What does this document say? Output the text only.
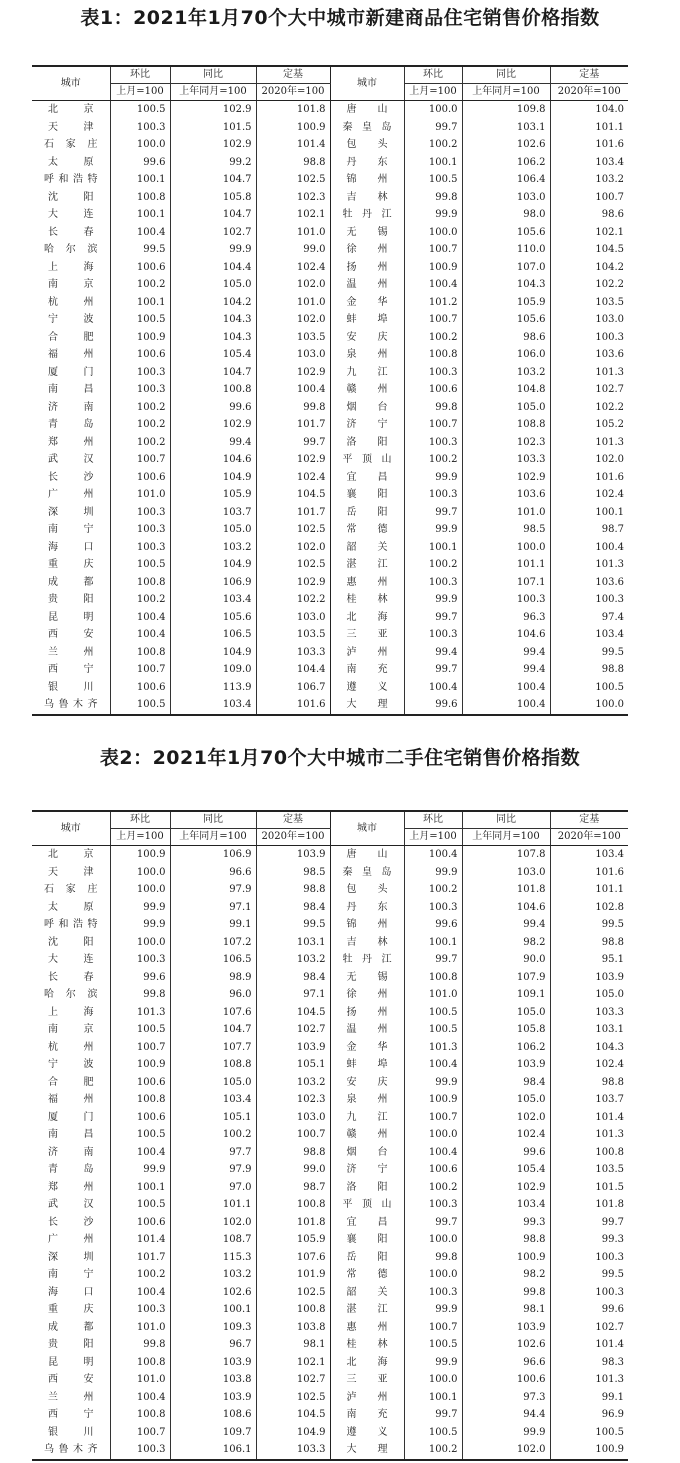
表1：2021年1月70个大中城市新建商品住宅销售价格指数
城市	环比	同比	定基	城市	环比	同比	定基
	上月=100	上年同月=100	2020年=100		上月=100	上年同月=100	2020年=100
北　京	100.5	102.9	101.8	唐　山	100.0	109.8	104.0
天　津	100.3	101.5	100.9	秦皇岛	99.7	103.1	101.1
石家庄	100.0	102.9	101.4	包　头	100.2	102.6	101.6
太　原	99.6	99.2	98.8	丹　东	100.1	106.2	103.4
呼和浩特	100.1	104.7	102.5	锦　州	100.5	106.4	103.2
沈　阳	100.8	105.8	102.3	吉　林	99.8	103.0	100.7
大　连	100.1	104.7	102.1	牡丹江	99.9	98.0	98.6
长　春	100.4	102.7	101.0	无　锡	100.0	105.6	102.1
哈尔滨	99.5	99.9	99.0	徐　州	100.7	110.0	104.5
上　海	100.6	104.4	102.4	扬　州	100.9	107.0	104.2
南　京	100.2	105.0	102.0	温　州	100.4	104.3	102.2
杭　州	100.1	104.2	101.0	金　华	101.2	105.9	103.5
宁　波	100.5	104.3	102.0	蚌　埠	100.7	105.6	103.0
合　肥	100.9	104.3	103.5	安　庆	100.2	98.6	100.3
福　州	100.6	105.4	103.0	泉　州	100.8	106.0	103.6
厦　门	100.3	104.7	102.9	九　江	100.3	103.2	101.3
南　昌	100.3	100.8	100.4	赣　州	100.6	104.8	102.7
济　南	100.2	99.6	99.8	烟　台	99.8	105.0	102.2
青　岛	100.2	102.9	101.7	济　宁	100.7	108.8	105.2
郑　州	100.2	99.4	99.7	洛　阳	100.3	102.3	101.3
武　汉	100.7	104.6	102.9	平顶山	100.2	103.3	102.0
长　沙	100.6	104.9	102.4	宜　昌	99.9	102.9	101.6
广　州	101.0	105.9	104.5	襄　阳	100.3	103.6	102.4
深　圳	100.3	103.7	101.7	岳　阳	99.7	101.0	100.1
南　宁	100.3	105.0	102.5	常　德	99.9	98.5	98.7
海　口	100.3	103.2	102.0	韶　关	100.1	100.0	100.4
重　庆	100.5	104.9	102.5	湛　江	100.2	101.1	101.3
成　都	100.8	106.9	102.9	惠　州	100.3	107.1	103.6
贵　阳	100.2	103.4	102.2	桂　林	99.9	100.3	100.3
昆　明	100.4	105.6	103.0	北　海	99.7	96.3	97.4
西　安	100.4	106.5	103.5	三　亚	100.3	104.6	103.4
兰　州	100.8	104.9	103.3	泸　州	99.4	99.4	99.5
西　宁	100.7	109.0	104.4	南　充	99.7	99.4	98.8
银　川	100.6	113.9	106.7	遵　义	100.4	100.4	100.5
乌鲁木齐	100.5	103.4	101.6	大　理	99.6	100.4	100.0
表2：2021年1月70个大中城市二手住宅销售价格指数
城市	环比	同比	定基	城市	环比	同比	定基
	上月=100	上年同月=100	2020年=100		上月=100	上年同月=100	2020年=100
北　京	100.9	106.9	103.9	唐　山	100.4	107.8	103.4
天　津	100.0	96.6	98.5	秦皇岛	99.9	103.0	101.6
石家庄	100.0	97.9	98.8	包　头	100.2	101.8	101.1
太　原	99.9	97.1	98.4	丹　东	100.3	104.6	102.8
呼和浩特	99.9	99.1	99.5	锦　州	99.6	99.4	99.5
沈　阳	100.0	107.2	103.1	吉　林	100.1	98.2	98.8
大　连	100.3	106.5	103.2	牡丹江	99.7	90.0	95.1
长　春	99.6	98.9	98.4	无　锡	100.8	107.9	103.9
哈尔滨	99.8	96.0	97.1	徐　州	101.0	109.1	105.0
上　海	101.3	107.6	104.5	扬　州	100.5	105.0	103.3
南　京	100.5	104.7	102.7	温　州	100.5	105.8	103.1
杭　州	100.7	107.7	103.9	金　华	101.3	106.2	104.3
宁　波	100.9	108.8	105.1	蚌　埠	100.4	103.9	102.4
合　肥	100.6	105.0	103.2	安　庆	99.9	98.4	98.8
福　州	100.8	103.4	102.3	泉　州	100.9	105.0	103.7
厦　门	100.6	105.1	103.0	九　江	100.7	102.0	101.4
南　昌	100.5	100.2	100.7	赣　州	100.0	102.4	101.3
济　南	100.4	97.7	98.8	烟　台	100.4	99.6	100.8
青　岛	99.9	97.9	99.0	济　宁	100.6	105.4	103.5
郑　州	100.1	97.0	98.7	洛　阳	100.2	102.9	101.5
武　汉	100.5	101.1	100.8	平顶山	100.3	103.4	101.8
长　沙	100.6	102.0	101.8	宜　昌	99.7	99.3	99.7
广　州	101.4	108.7	105.9	襄　阳	100.0	98.8	99.3
深　圳	101.7	115.3	107.6	岳　阳	99.8	100.9	100.3
南　宁	100.2	103.2	101.9	常　德	100.0	98.2	99.5
海　口	100.4	102.6	102.5	韶　关	100.3	99.8	100.3
重　庆	100.3	100.1	100.8	湛　江	99.9	98.1	99.6
成　都	101.0	109.3	103.8	惠　州	100.7	103.9	102.7
贵　阳	99.8	96.7	98.1	桂　林	100.5	102.6	101.4
昆　明	100.8	103.9	102.1	北　海	99.9	96.6	98.3
西　安	101.0	103.8	102.7	三　亚	100.0	100.6	101.3
兰　州	100.4	103.9	102.5	泸　州	100.1	97.3	99.1
西　宁	100.8	108.6	104.5	南　充	99.7	94.4	96.9
银　川	100.7	109.7	104.9	遵　义	100.5	99.9	100.5
乌鲁木齐	100.3	106.1	103.3	大　理	100.2	102.0	100.9
